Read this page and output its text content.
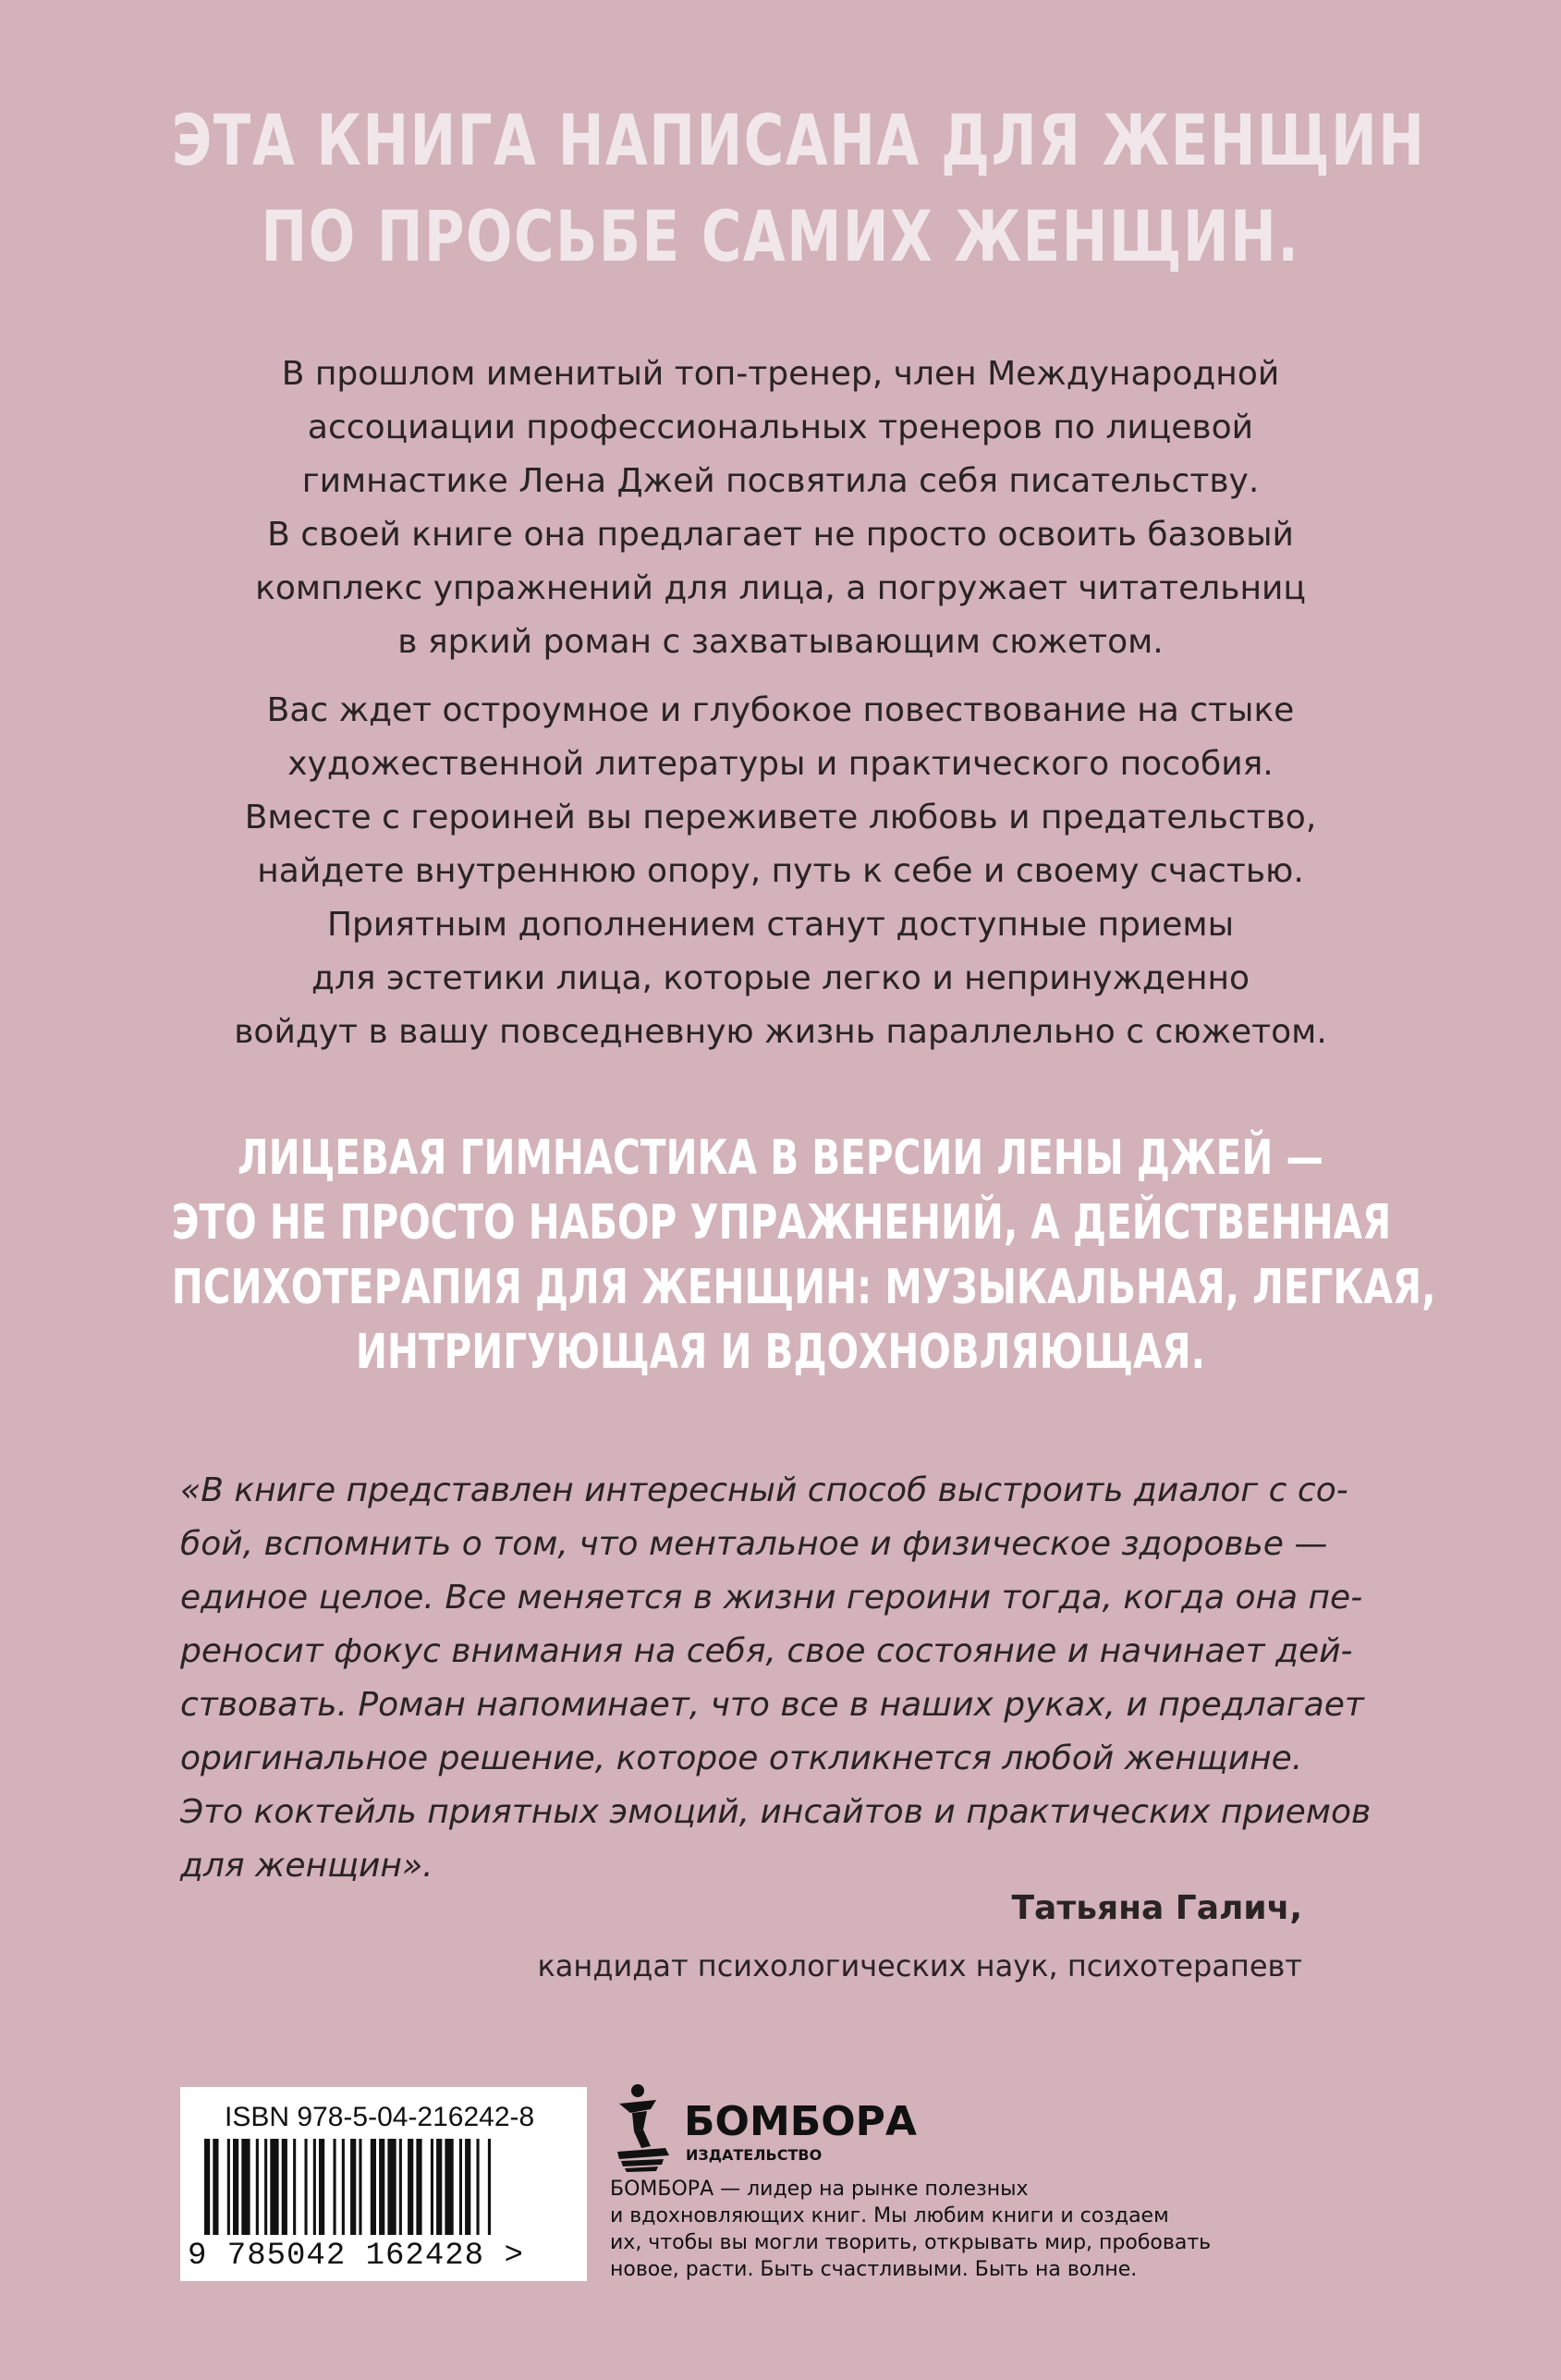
ЭТА КНИГА НАПИСАНА ДЛЯ ЖЕНЩИН
ПО ПРОСЬБЕ САМИХ ЖЕНЩИН.
В прошлом именитый топ-тренер, член Международной
ассоциации профессиональных тренеров по лицевой
гимнастике Лена Джей посвятила себя писательству.
В своей книге она предлагает не просто освоить базовый
комплекс упражнений для лица, а погружает читательниц
в яркий роман с захватывающим сюжетом.
Вас ждет остроумное и глубокое повествование на стыке
художественной литературы и практического пособия.
Вместе с героиней вы переживете любовь и предательство,
найдете внутреннюю опору, путь к себе и своему счастью.
Приятным дополнением станут доступные приемы
для эстетики лица, которые легко и непринужденно
войдут в вашу повседневную жизнь параллельно с сюжетом.
ЛИЦЕВАЯ ГИМНАСТИКА В ВЕРСИИ ЛЕНЫ ДЖЕЙ —
ЭТО НЕ ПРОСТО НАБОР УПРАЖНЕНИЙ, А ДЕЙСТВЕННАЯ
ПСИХОТЕРАПИЯ ДЛЯ ЖЕНЩИН: МУЗЫКАЛЬНАЯ, ЛЕГКАЯ,
ИНТРИГУЮЩАЯ И ВДОХНОВЛЯЮЩАЯ.
«В книге представлен интересный способ выстроить диалог с со-
бой, вспомнить о том, что ментальное и физическое здоровье —
единое целое. Все меняется в жизни героини тогда, когда она пе-
реносит фокус внимания на себя, свое состояние и начинает дей-
ствовать. Роман напоминает, что все в наших руках, и предлагает
оригинальное решение, которое откликнется любой женщине.
Это коктейль приятных эмоций, инсайтов и практических приемов
для женщин».
Татьяна Галич,
кандидат психологических наук, психотерапевт
ISBN 978-5-04-216242-8
9 785042 162428 >
БОМБОРА
ИЗДАТЕЛЬСТВО
БОМБОРА — лидер на рынке полезных
и вдохновляющих книг. Мы любим книги и создаем
их, чтобы вы могли творить, открывать мир, пробовать
новое, расти. Быть счастливыми. Быть на волне.
